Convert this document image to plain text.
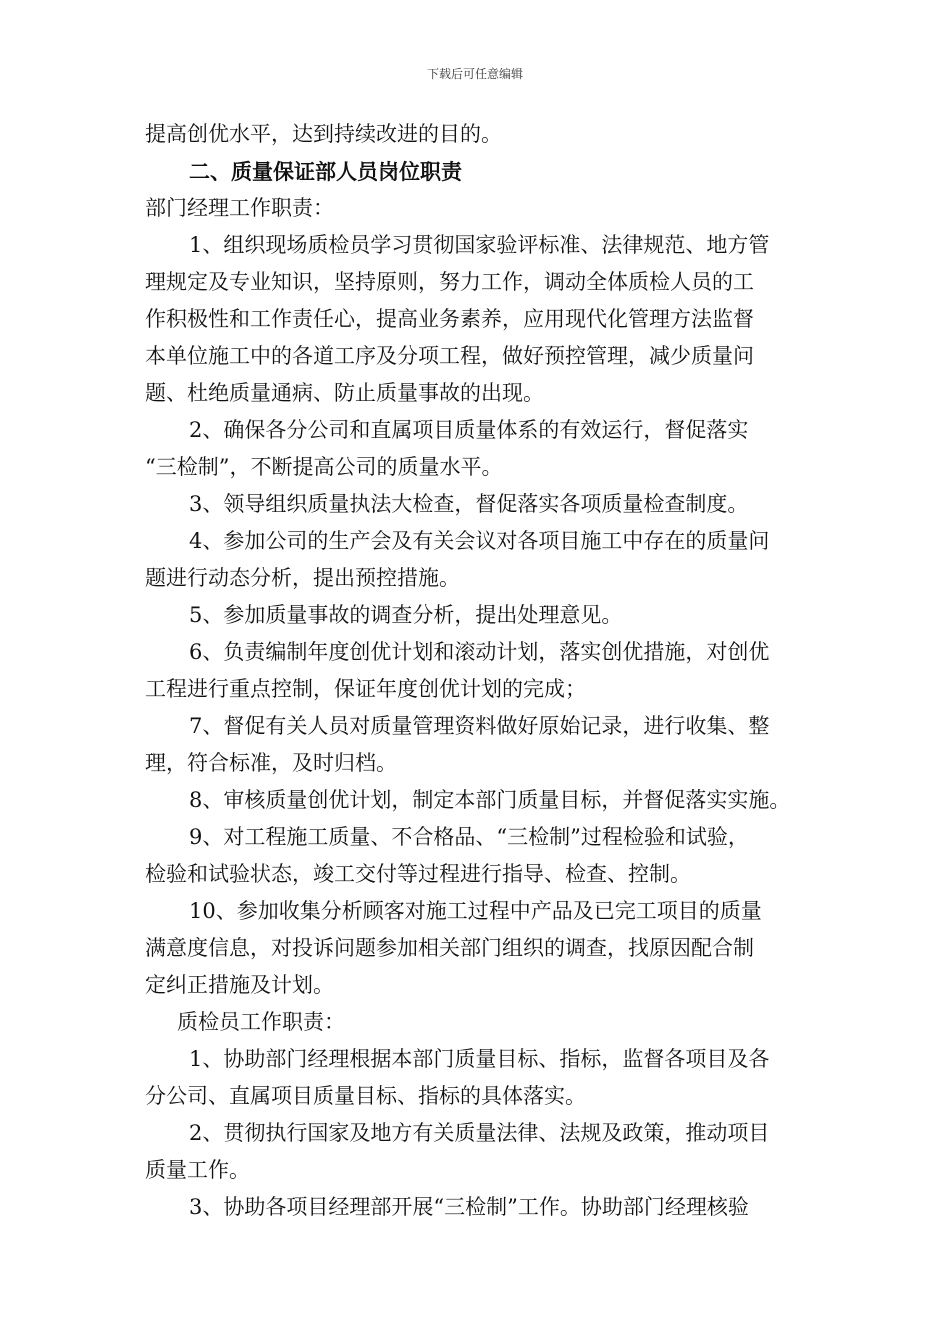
下载后可任意编辑
提高创优水平，达到持续改进的目的。
二、质量保证部人员岗位职责
部门经理工作职责：
1、组织现场质检员学习贯彻国家验评标准、法律规范、地方管
理规定及专业知识，坚持原则，努力工作，调动全体质检人员的工
作积极性和工作责任心，提高业务素养，应用现代化管理方法监督
本单位施工中的各道工序及分项工程，做好预控管理，减少质量问
题、杜绝质量通病、防止质量事故的出现。
2、确保各分公司和直属项目质量体系的有效运行，督促落实
“三检制”，不断提高公司的质量水平。
3、领导组织质量执法大检查，督促落实各项质量检查制度。
4、参加公司的生产会及有关会议对各项目施工中存在的质量问
题进行动态分析，提出预控措施。
5、参加质量事故的调查分析，提出处理意见。
6、负责编制年度创优计划和滚动计划，落实创优措施，对创优
工程进行重点控制，保证年度创优计划的完成；
7、督促有关人员对质量管理资料做好原始记录，进行收集、整
理，符合标准，及时归档。
8、审核质量创优计划，制定本部门质量目标，并督促落实实施。
9、对工程施工质量、不合格品、“三检制”过程检验和试验，
检验和试验状态，竣工交付等过程进行指导、检查、控制。
10、参加收集分析顾客对施工过程中产品及已完工项目的质量
满意度信息，对投诉问题参加相关部门组织的调查，找原因配合制
定纠正措施及计划。
质检员工作职责：
1、协助部门经理根据本部门质量目标、指标，监督各项目及各
分公司、直属项目质量目标、指标的具体落实。
2、贯彻执行国家及地方有关质量法律、法规及政策，推动项目
质量工作。
3、协助各项目经理部开展“三检制”工作。协助部门经理核验
